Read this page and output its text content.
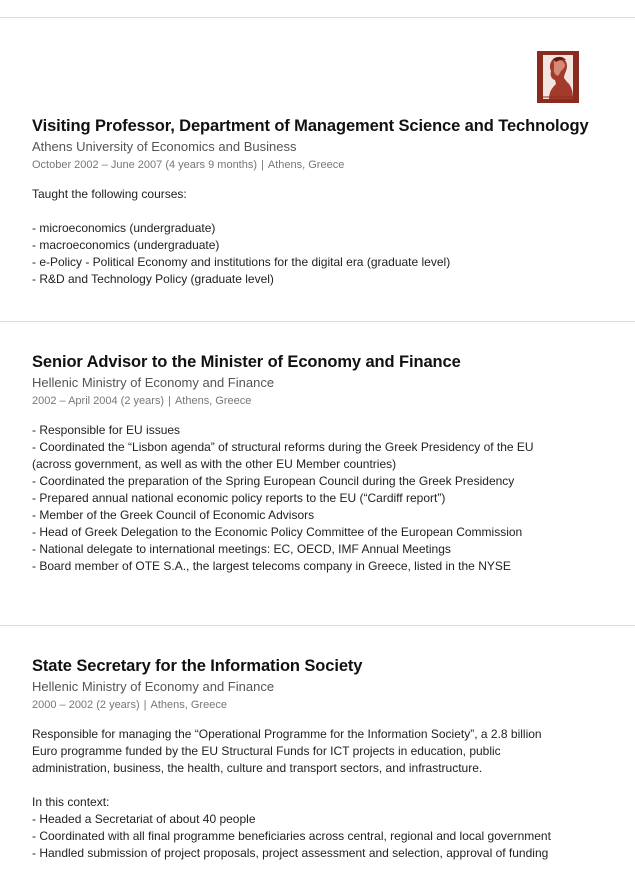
Visiting Professor, Department of Management Science and Technology
Athens University of Economics and Business
October 2002 – June 2007 (4 years 9 months) | Athens, Greece
Taught the following courses:
- microeconomics (undergraduate)
- macroeconomics (undergraduate)
- e-Policy - Political Economy and institutions for the digital era (graduate level)
- R&D and Technology Policy (graduate level)
Senior Advisor to the Minister of Economy and Finance
Hellenic Ministry of Economy and Finance
2002 – April 2004 (2 years) | Athens, Greece
- Responsible for EU issues
- Coordinated the “Lisbon agenda” of structural reforms during the Greek Presidency of the EU
(across government, as well as with the other EU Member countries)
- Coordinated the preparation of the Spring European Council during the Greek Presidency
- Prepared annual national economic policy reports to the EU (“Cardiff report”)
- Member of the Greek Council of Economic Advisors
- Head of Greek Delegation to the Economic Policy Committee of the European Commission
- National delegate to international meetings: EC, OECD, IMF Annual Meetings
- Board member of OTE S.A., the largest telecoms company in Greece, listed in the NYSE
State Secretary for the Information Society
Hellenic Ministry of Economy and Finance
2000 – 2002 (2 years) | Athens, Greece
Responsible for managing the “Operational Programme for the Information Society”, a 2.8 billion
Euro programme funded by the EU Structural Funds for ICT projects in education, public
administration, business, the health, culture and transport sectors, and infrastructure.
In this context:
- Headed a Secretariat of about 40 people
- Coordinated with all final programme beneficiaries across central, regional and local government
- Handled submission of project proposals, project assessment and selection, approval of funding
